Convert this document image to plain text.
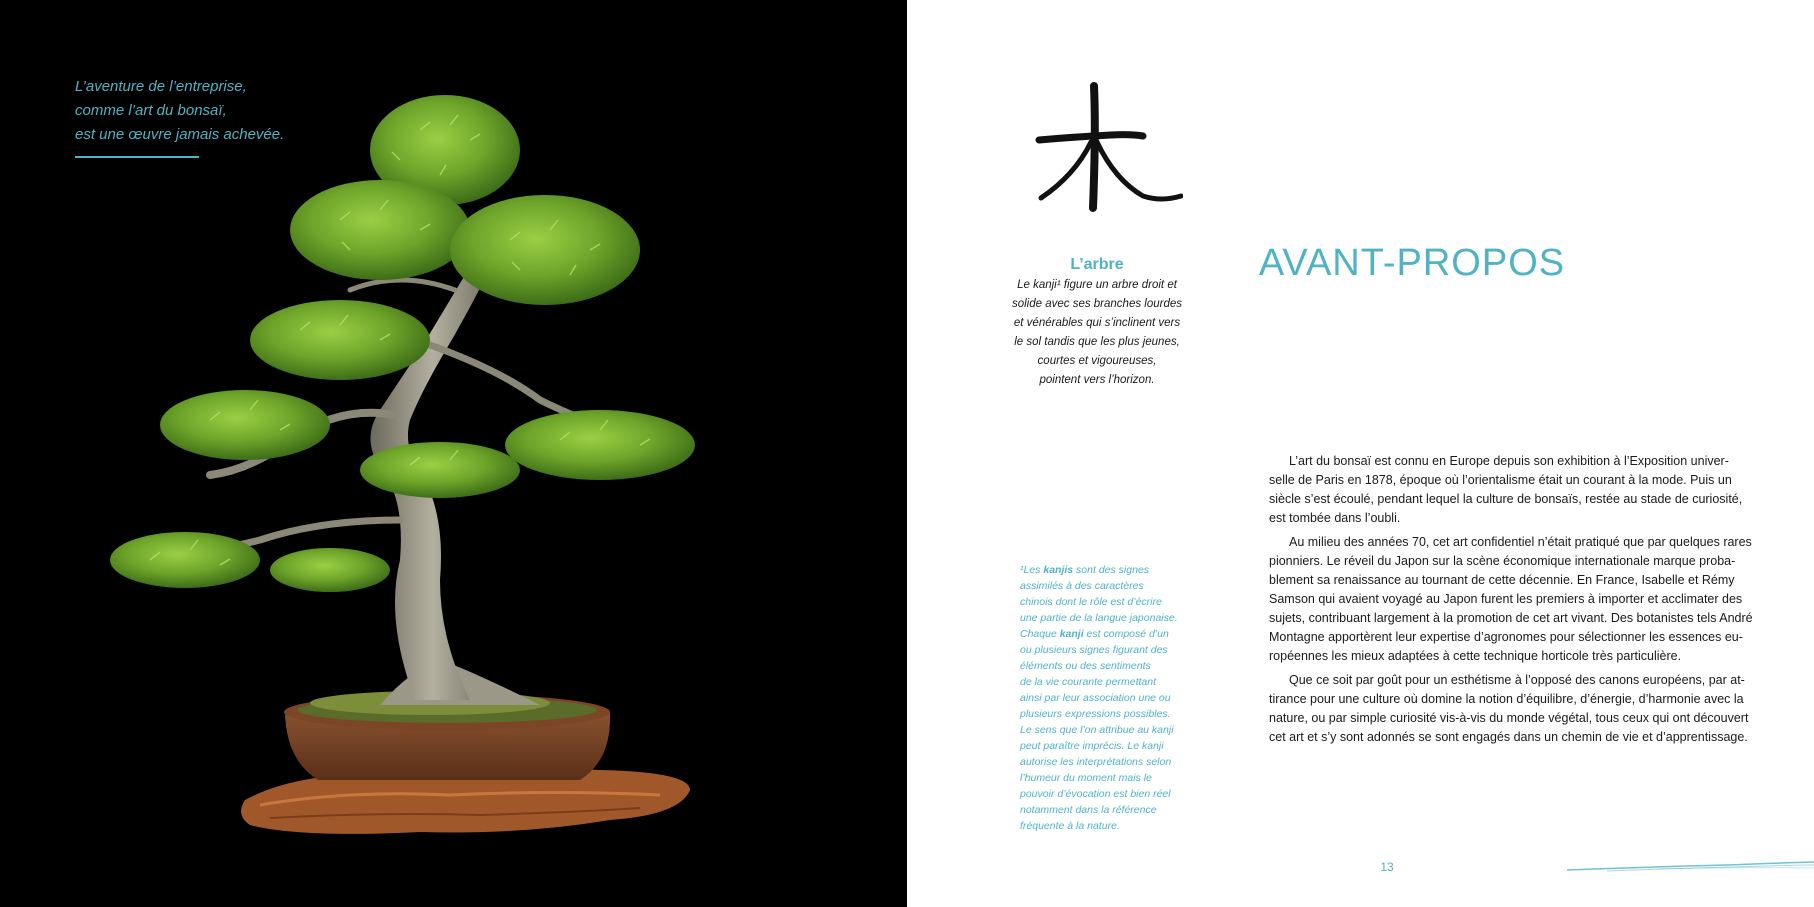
L’aventure de l’entreprise,
comme l’art du bonsaï,
est une œuvre jamais achevée.
L’arbre
Le kanji¹ figure un arbre droit et
solide avec ses branches lourdes
et vénérables qui s’inclinent vers
le sol tandis que les plus jeunes,
courtes et vigoureuses,
pointent vers l’horizon.
¹Les kanjis sont des signes
assimilés à des caractères
chinois dont le rôle est d’écrire
une partie de la langue japonaise.
Chaque kanji est composé d’un
ou plusieurs signes figurant des
éléments ou des sentiments
de la vie courante permettant
ainsi par leur association une ou
plusieurs expressions possibles.
Le sens que l’on attribue au kanji
peut paraître imprécis. Le kanji
autorise les interprétations selon
l’humeur du moment mais le
pouvoir d’évocation est bien réel
notamment dans la référence
fréquente à la nature.
AVANT-PROPOS

L’art du bonsaï est connu en Europe depuis son exhibition à l’Exposition univer-
selle de Paris en 1878, époque où l’orientalisme était un courant à la mode. Puis un
siècle s’est écoulé, pendant lequel la culture de bonsaïs, restée au stade de curiosité,
est tombée dans l’oubli.

Au milieu des années 70, cet art confidentiel n’était pratiqué que par quelques rares
pionniers. Le réveil du Japon sur la scène économique internationale marque proba-
blement sa renaissance au tournant de cette décennie. En France, Isabelle et Rémy
Samson qui avaient voyagé au Japon furent les premiers à importer et acclimater des
sujets, contribuant largement à la promotion de cet art vivant. Des botanistes tels André
Montagne apportèrent leur expertise d’agronomes pour sélectionner les essences eu-
ropéennes les mieux adaptées à cette technique horticole très particulière.

Que ce soit par goût pour un esthétisme à l’opposé des canons européens, par at-
tirance pour une culture où domine la notion d’équilibre, d’énergie, d’harmonie avec la
nature, ou par simple curiosité vis-à-vis du monde végétal, tous ceux qui ont découvert
cet art et s’y sont adonnés se sont engagés dans un chemin de vie et d’apprentissage.

13
